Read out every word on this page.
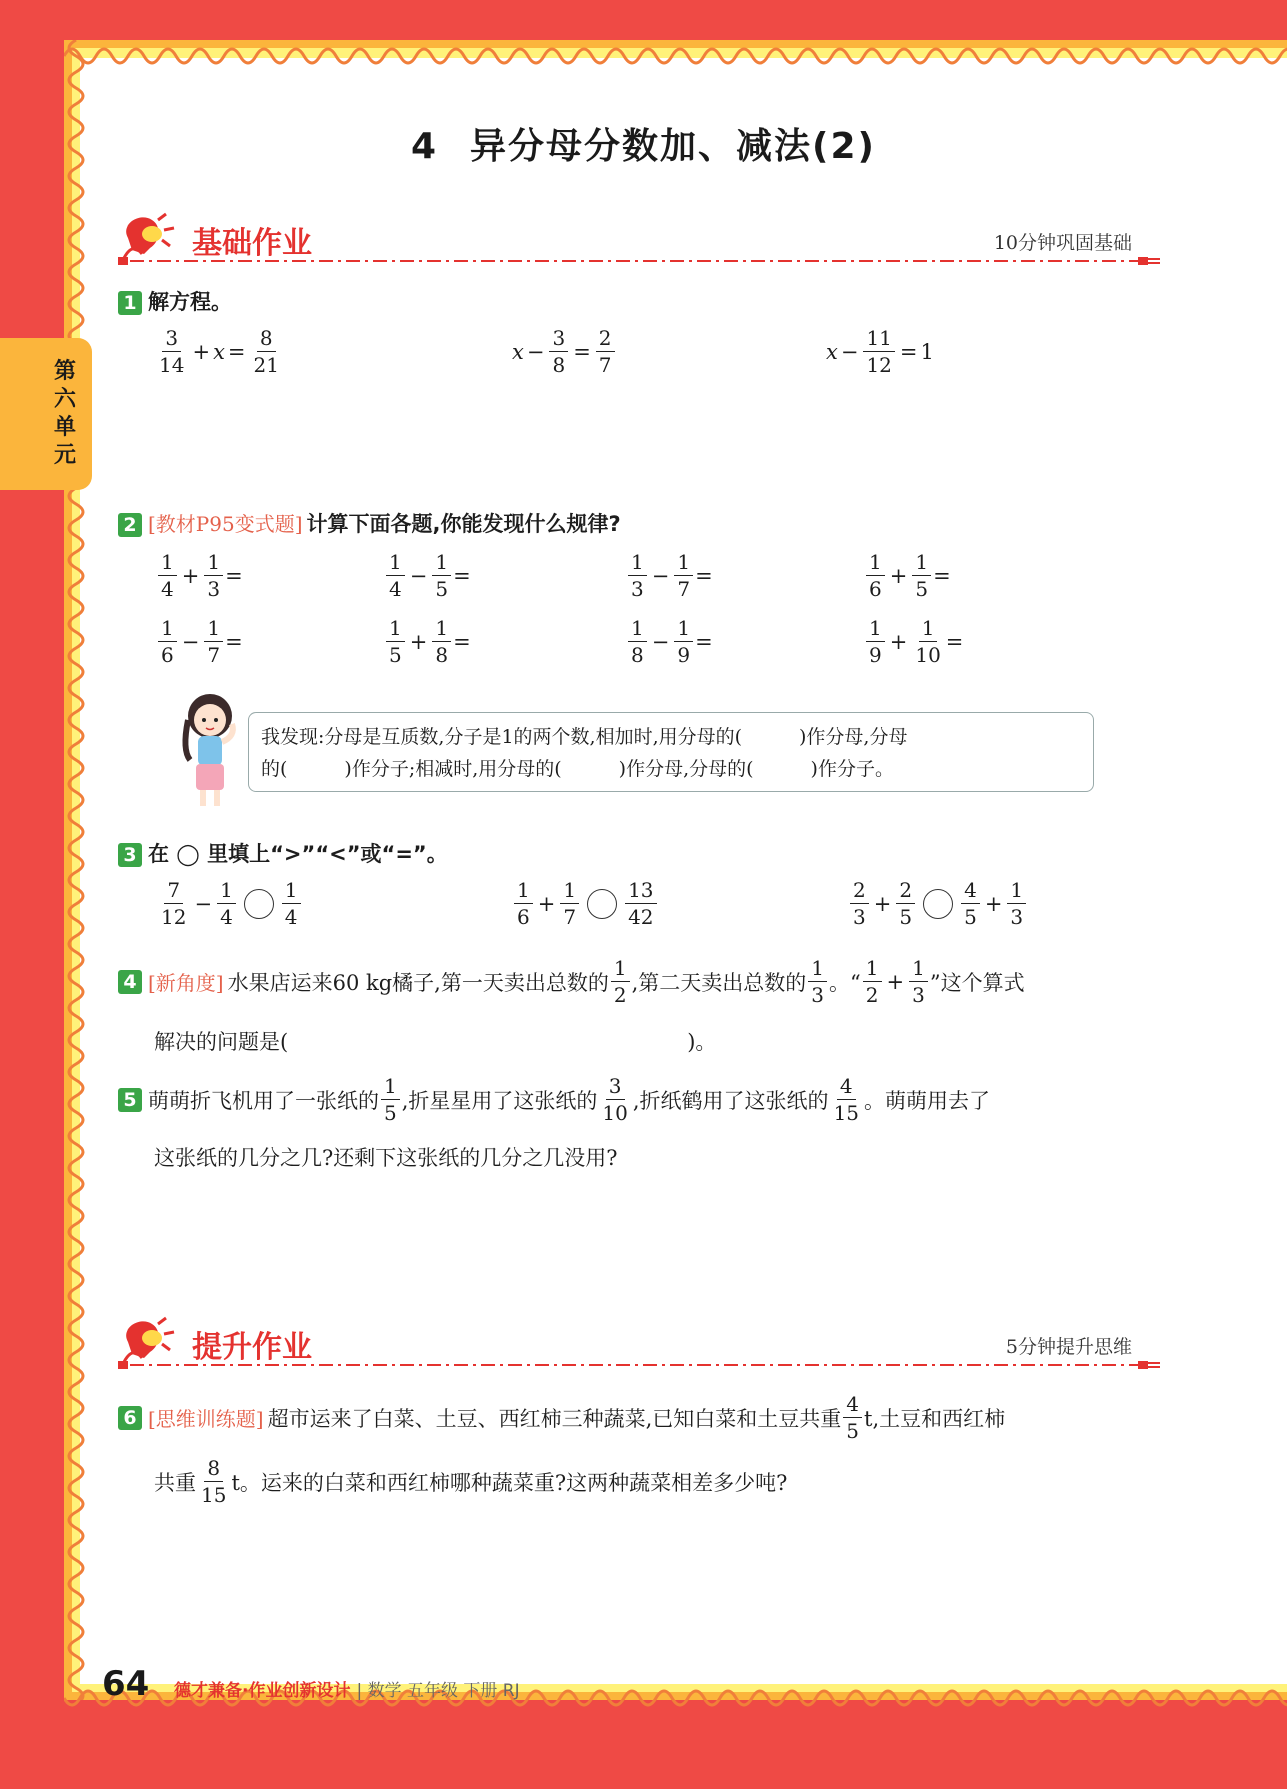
第六单元
4 异分母分数加、减法(2)
基础作业	10分钟巩固基础
1 解方程。
$\frac{3}{14} + x = \frac{8}{21}$	$x - \frac{3}{8} = \frac{2}{7}$	$x - \frac{11}{12} = 1$
2 [教材P95变式题] 计算下面各题,你能发现什么规律?
$\frac{1}{4} + \frac{1}{3}$ =	$\frac{1}{4} - \frac{1}{5}$ =	$\frac{1}{3} - \frac{1}{7}$ =	$\frac{1}{6} + \frac{1}{5}$ =
$\frac{1}{6} - \frac{1}{7}$ =	$\frac{1}{5} + \frac{1}{8}$ =	$\frac{1}{8} - \frac{1}{9}$ =	$\frac{1}{9} + \frac{1}{10}$ =
我发现:分母是互质数,分子是1的两个数,相加时,用分母的(　　　)作分母,分母
的(　　　)作分子;相减时,用分母的(　　　)作分母,分母的(　　　)作分子。
3 在 ◯ 里填上“>”“<”或“=”。
$\frac{7}{12} - \frac{1}{4} \frac{1}{4}$	$\frac{1}{6} + \frac{1}{7} \frac{13}{42}$	$\frac{2}{3} + \frac{2}{5} \frac{4}{5} + \frac{1}{3}$
4 [新角度] 水果店运来60 kg橘子,第一天卖出总数的 $\frac{1}{2}$ ,第二天卖出总数的 $\frac{1}{3}$ 。“ $\frac{1}{2} + \frac{1}{3}$ ”这个算式
解决的问题是(　　　　　　　　　　　　　　　　　　　)。
5 萌萌折飞机用了一张纸的 $\frac{1}{5}$ ,折星星用了这张纸的 $\frac{3}{10}$ ,折纸鹤用了这张纸的 $\frac{4}{15}$ 。萌萌用去了
这张纸的几分之几?还剩下这张纸的几分之几没用?
提升作业	5分钟提升思维
6 [思维训练题] 超市运来了白菜、土豆、西红柿三种蔬菜,已知白菜和土豆共重 $\frac{4}{5} t$,土豆和西红柿
共重 $\frac{8}{15}$ t。运来的白菜和西红柿哪种蔬菜重?这两种蔬菜相差多少吨?
64 德才兼备·作业创新设计 | 数学 五年级 下册 RJ
